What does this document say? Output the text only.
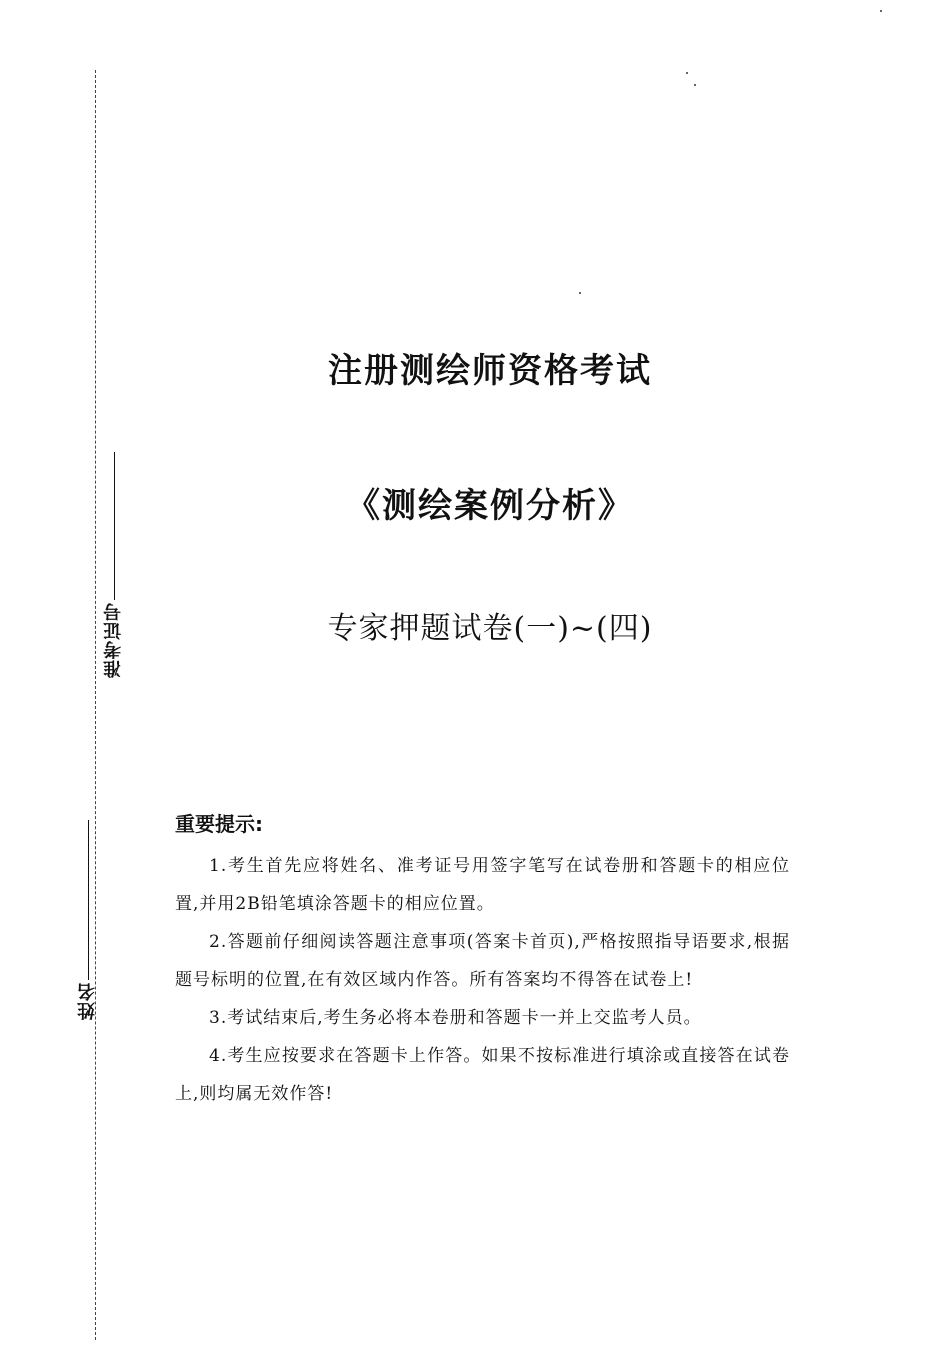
准考证号
姓名
注册测绘师资格考试
《测绘案例分析》
专家押题试卷(一)~(四)
重要提示:
1.考生首先应将姓名、准考证号用签字笔写在试卷册和答题卡的相应位置,并用2B铅笔填涂答题卡的相应位置。
2.答题前仔细阅读答题注意事项(答案卡首页),严格按照指导语要求,根据题号标明的位置,在有效区域内作答。所有答案均不得答在试卷上!
3.考试结束后,考生务必将本卷册和答题卡一并上交监考人员。
4.考生应按要求在答题卡上作答。如果不按标准进行填涂或直接答在试卷上,则均属无效作答!
